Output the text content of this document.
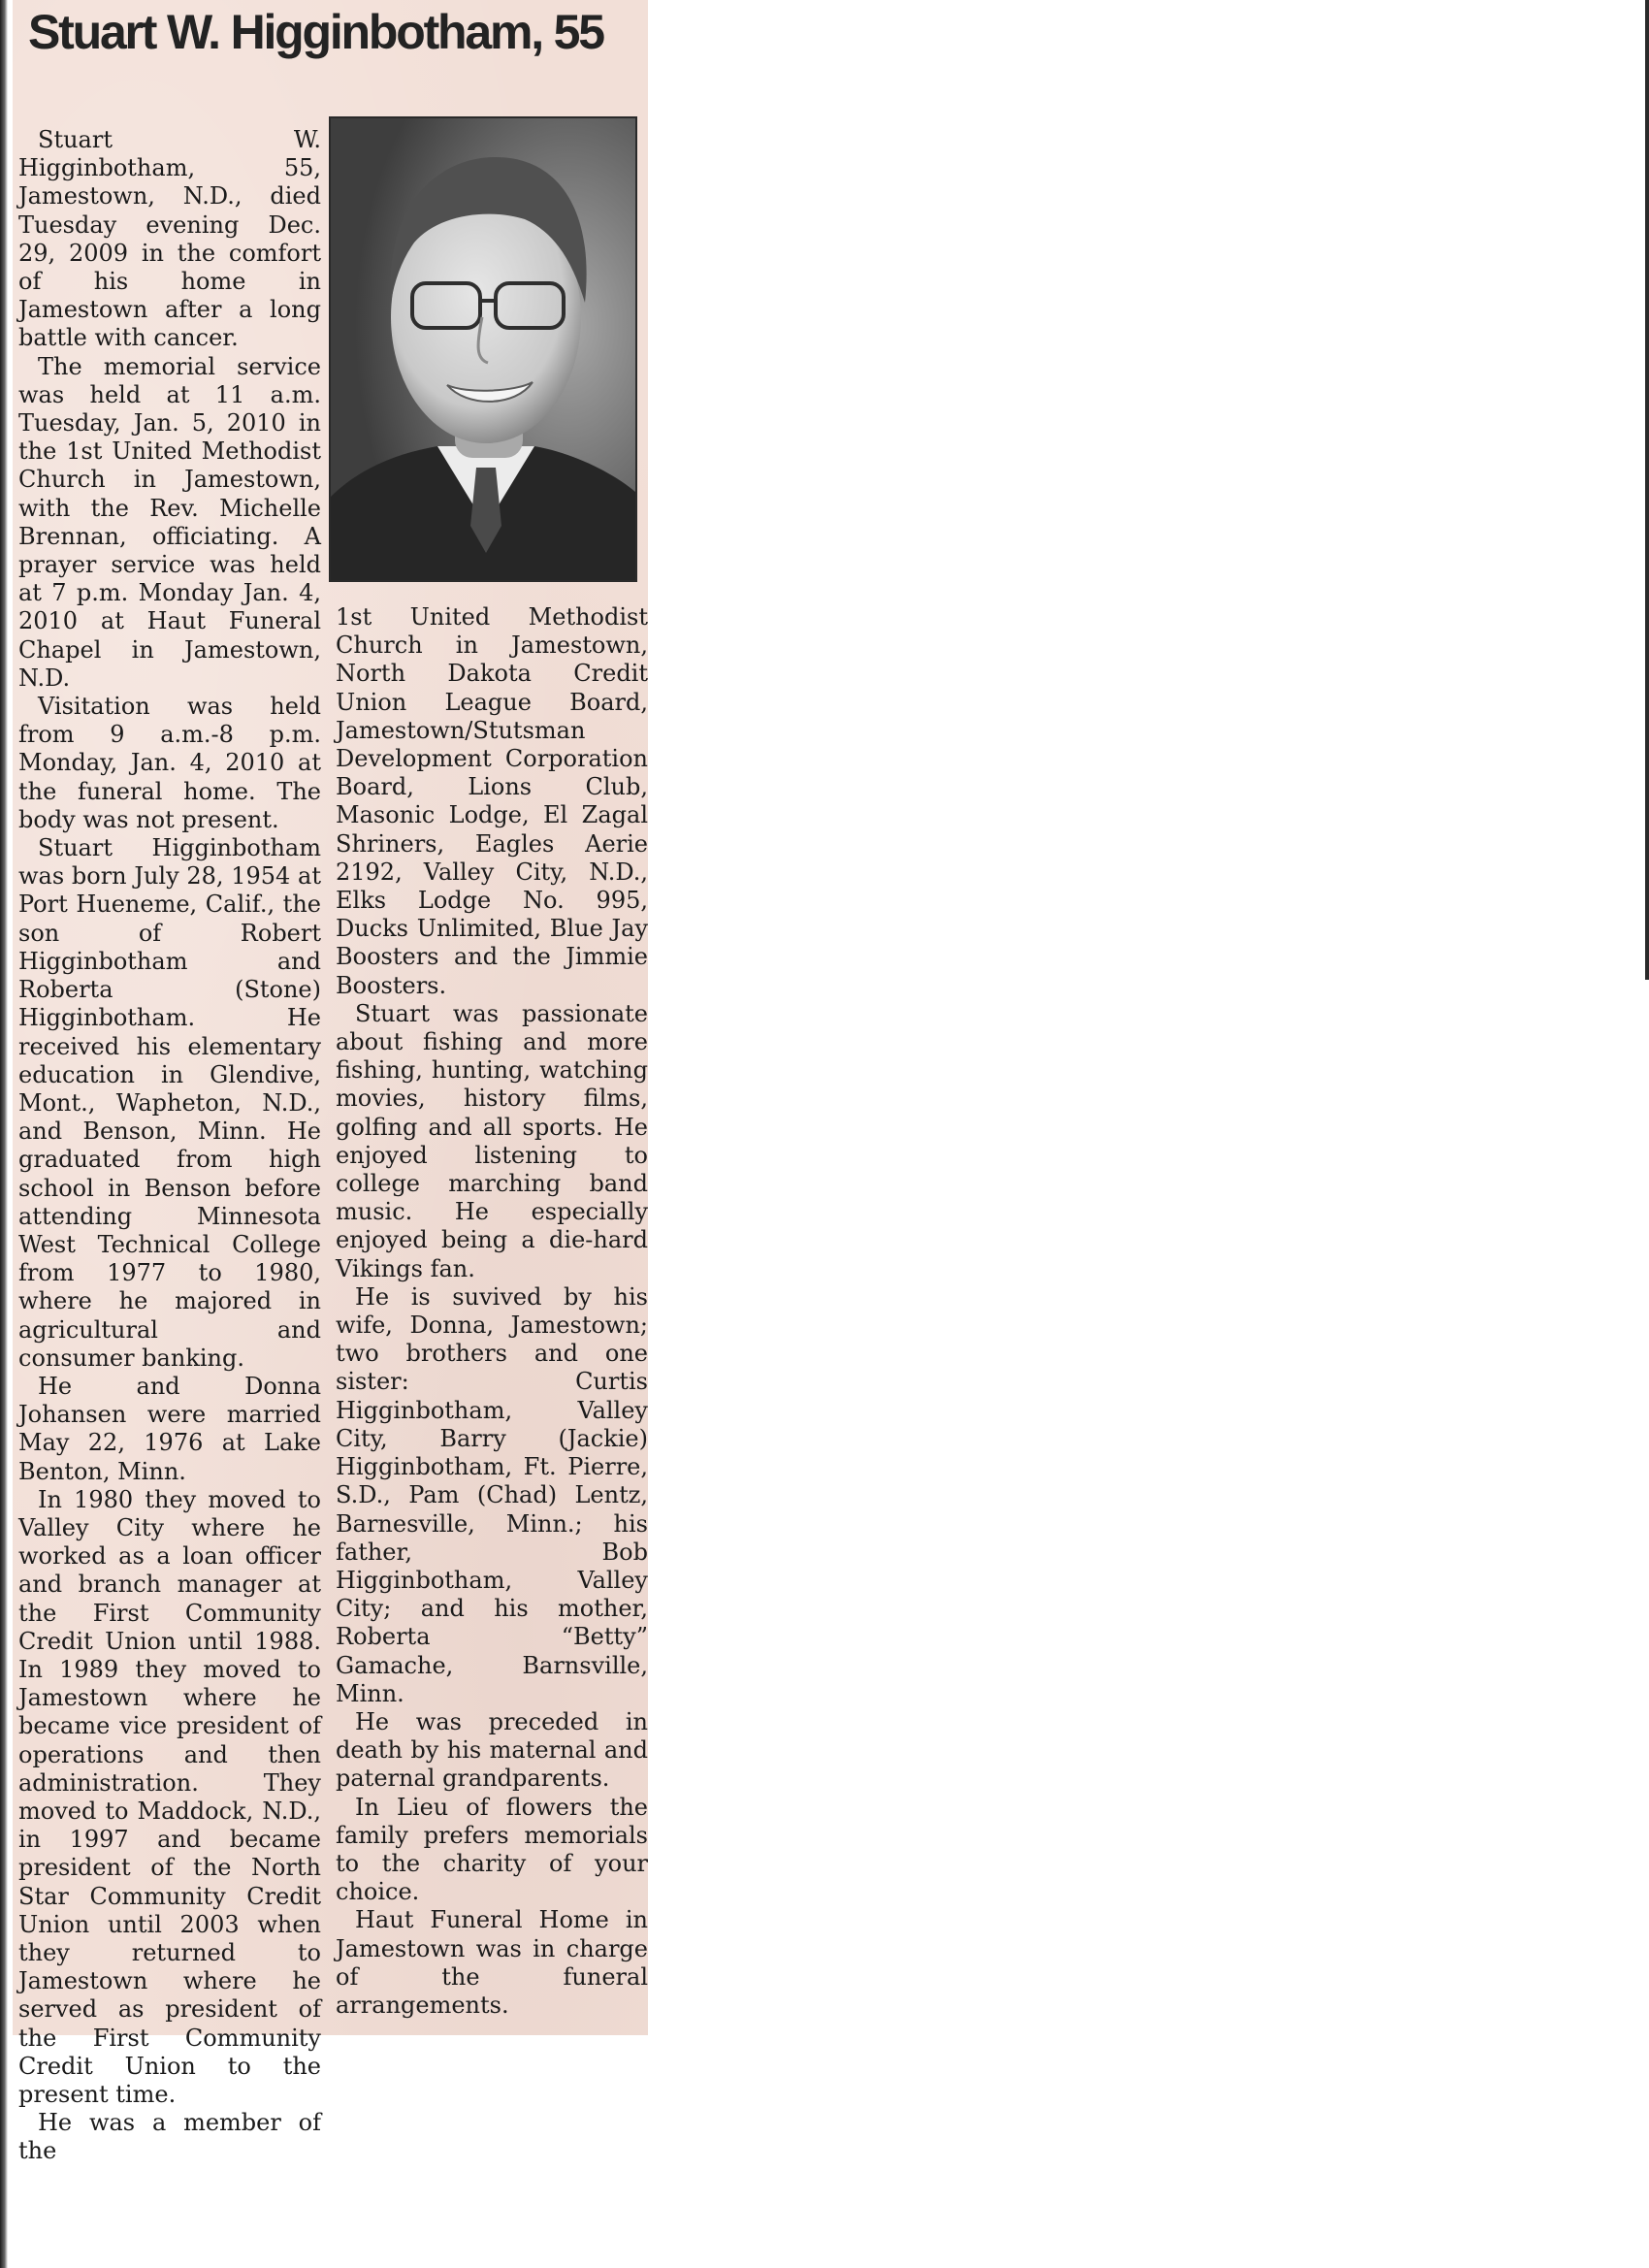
Stuart W. Higginbotham, 55

Stuart W. Higginbotham, 55, Jamestown, N.D., died Tuesday evening Dec. 29, 2009 in the comfort of his home in Jamestown after a long battle with cancer.

The memorial service was held at 11 a.m. Tuesday, Jan. 5, 2010 in the 1st United Methodist Church in Jamestown, with the Rev. Michelle Brennan, officiating. A prayer service was held at 7 p.m. Monday Jan. 4, 2010 at Haut Funeral Chapel in Jamestown, N.D.

Visitation was held from 9 a.m.-8 p.m. Monday, Jan. 4, 2010 at the funeral home. The body was not present.

Stuart Higginbotham was born July 28, 1954 at Port Hueneme, Calif., the son of Robert Higginbotham and Roberta (Stone) Higginbotham. He received his elementary education in Glendive, Mont., Wapheton, N.D., and Benson, Minn. He graduated from high school in Benson before attending Minnesota West Technical College from 1977 to 1980, where he majored in agricultural and consumer banking.

He and Donna Johansen were married May 22, 1976 at Lake Benton, Minn.

In 1980 they moved to Valley City where he worked as a loan officer and branch manager at the First Community Credit Union until 1988. In 1989 they moved to Jamestown where he became vice president of operations and then administration. They moved to Maddock, N.D., in 1997 and became president of the North Star Community Credit Union until 2003 when they returned to Jamestown where he served as president of the First Community Credit Union to the present time.

He was a member of the

1st United Methodist Church in Jamestown, North Dakota Credit Union League Board, Jamestown/Stutsman Development Corporation Board, Lions Club, Masonic Lodge, El Zagal Shriners, Eagles Aerie 2192, Valley City, N.D., Elks Lodge No. 995, Ducks Unlimited, Blue Jay Boosters and the Jimmie Boosters.

Stuart was passionate about fishing and more fishing, hunting, watching movies, history films, golfing and all sports. He enjoyed listening to college marching band music. He especially enjoyed being a die-hard Vikings fan.

He is suvived by his wife, Donna, Jamestown; two brothers and one sister: Curtis Higginbotham, Valley City, Barry (Jackie) Higginbotham, Ft. Pierre, S.D., Pam (Chad) Lentz, Barnesville, Minn.; his father, Bob Higginbotham, Valley City; and his mother, Roberta “Betty” Gamache, Barnsville, Minn.

He was preceded in death by his maternal and paternal grandparents.

In Lieu of flowers the family prefers memorials to the charity of your choice.

Haut Funeral Home in Jamestown was in charge of the funeral arrangements.
